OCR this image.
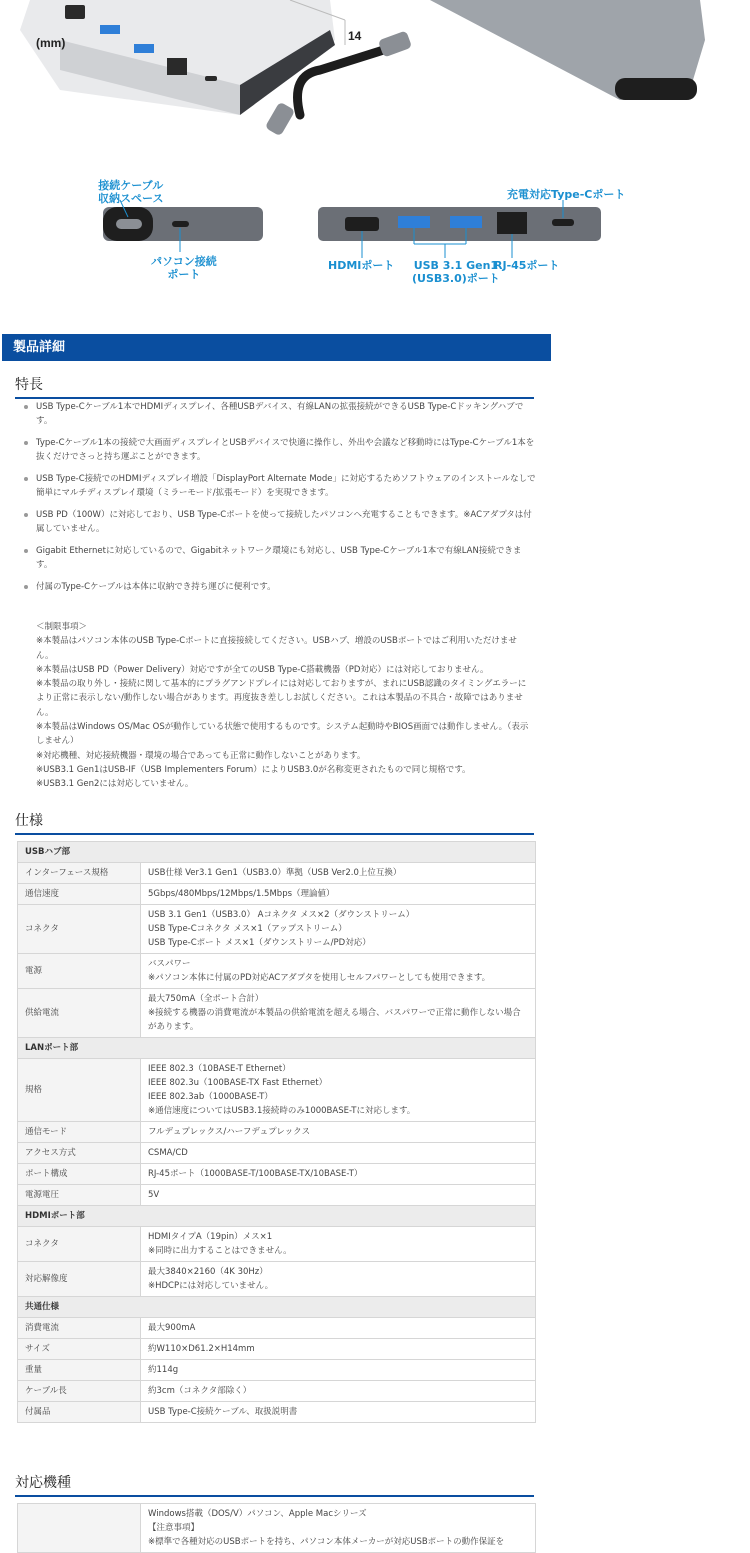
14
(mm)
接続ケーブル
収納スペース
パソコン接続
ポート
充電対応Type-Cポート
HDMIポート USB 3.1 Gen1
(USB3.0)ポート
RJ-45ポート
製品詳細
特長
USB Type-Cケーブル1本でHDMIディスプレイ、各種USBデバイス、有線LANの拡張接続ができるUSB Type-Cドッキングハブです。
Type-Cケーブル1本の接続で大画面ディスプレイとUSBデバイスで快適に操作し、外出や会議など移動時にはType-Cケーブル1本を抜くだけでさっと持ち運ぶことができます。
USB Type-C接続でのHDMIディスプレイ増設「DisplayPort Alternate Mode」に対応するためソフトウェアのインストールなしで簡単にマルチディスプレイ環境（ミラーモード/拡張モード）を実現できます。
USB PD（100W）に対応しており、USB Type-Cポートを使って接続したパソコンへ充電することもできます。※ACアダプタは付属していません。
Gigabit Ethernetに対応しているので、Gigabitネットワーク環境にも対応し、USB Type-Cケーブル1本で有線LAN接続できます。
付属のType-Cケーブルは本体に収納でき持ち運びに便利です。
＜制限事項＞
※本製品はパソコン本体のUSB Type-Cポートに直接接続してください。USBハブ、増設のUSBポートではご利用いただけません。
※本製品はUSB PD（Power Delivery）対応ですが全てのUSB Type-C搭載機器（PD対応）には対応しておりません。
※本製品の取り外し・接続に関して基本的にプラグアンドプレイには対応しておりますが、まれにUSB認識のタイミングエラーにより正常に表示しない/動作しない場合があります。再度抜き差ししお試しください。これは本製品の不具合・故障ではありません。
※本製品はWindows OS/Mac OSが動作している状態で使用するものです。システム起動時やBIOS画面では動作しません。（表示しません）
※対応機種、対応接続機器・環境の場合であっても正常に動作しないことがあります。
※USB3.1 Gen1はUSB-IF（USB Implementers Forum）によりUSB3.0が名称変更されたもので同じ規格です。
※USB3.1 Gen2には対応していません。
仕様
USBハブ部	
インターフェース規格	USB仕様 Ver3.1 Gen1（USB3.0）準拠（USB Ver2.0上位互換）

通信速度	5Gbps/480Mbps/12Mbps/1.5Mbps（理論値）

コネクタ	USB 3.1 Gen1（USB3.0） Aコネクタ メス×2（ダウンストリーム）
USB Type-Cコネクタ メス×1（アップストリーム）
USB Type-Cポート メス×1（ダウンストリーム/PD対応）

電源	バスパワー
※パソコン本体に付属のPD対応ACアダプタを使用しセルフパワーとしても使用できます。

供給電流	最大750mA（全ポート合計）
※接続する機器の消費電流が本製品の供給電流を超える場合、バスパワーで正常に動作しない場合があります。

LANポート部	
規格	IEEE 802.3（10BASE-T Ethernet）
IEEE 802.3u（100BASE-TX Fast Ethernet）
IEEE 802.3ab（1000BASE-T）
※通信速度についてはUSB3.1接続時のみ1000BASE-Tに対応します。

通信モード	フルデュプレックス/ハーフデュプレックス

アクセス方式	CSMA/CD

ポート構成	RJ-45ポート（1000BASE-T/100BASE-TX/10BASE-T）

電源電圧	5V

HDMIポート部	
コネクタ	HDMIタイプA（19pin）メス×1
※同時に出力することはできません。

対応解像度	最大3840×2160（4K 30Hz）
※HDCPには対応していません。

共通仕様	
消費電流	最大900mA

サイズ	約W110×D61.2×H14mm

重量	約114g

ケーブル長	約3cm（コネクタ部除く）

付属品	USB Type-C接続ケーブル、取扱説明書
対応機種

Windows搭載（DOS/V）パソコン、Apple Macシリーズ
【注意事項】
※標準で各種対応のUSBポートを持ち、パソコン本体メーカーが対応USBポートの動作保証を
